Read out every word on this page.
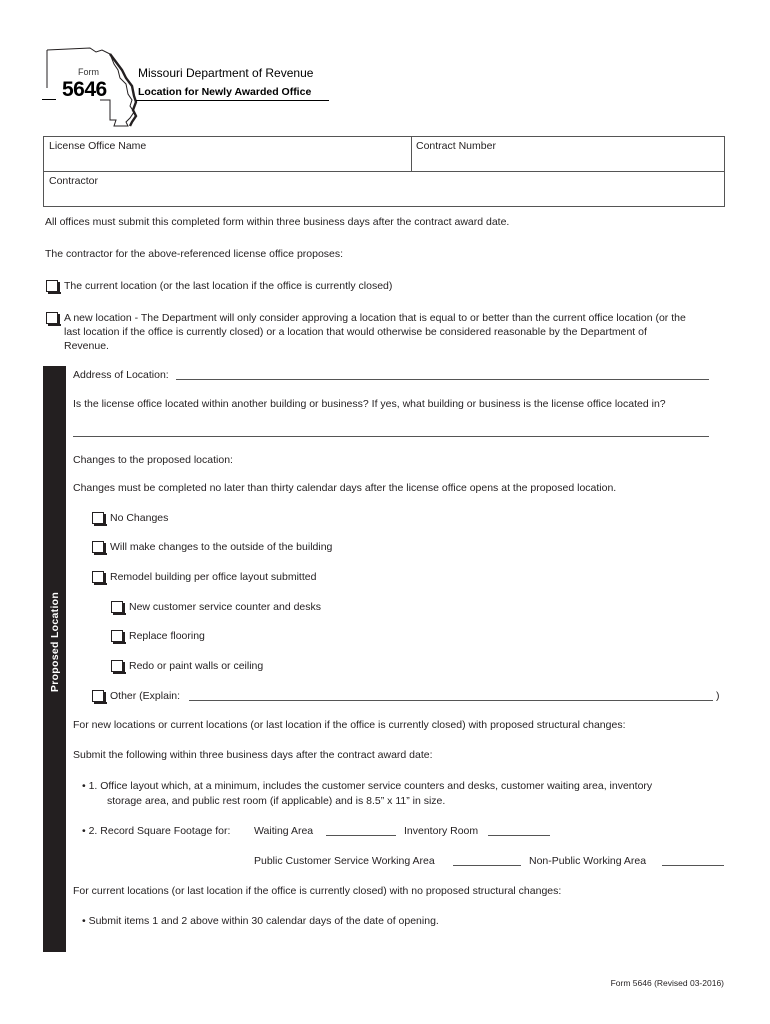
Form
5646
Missouri Department of Revenue
Location for Newly Awarded Office
License Office Name	Contract Number
Contractor
All offices must submit this completed form within three business days after the contract award date.
The contractor for the above-referenced license office proposes:
The current location (or the last location if the office is currently closed)
A new location - The Department will only consider approving a location that is equal to or better than the current office location (or the
last location if the office is currently closed) or a location that would otherwise be considered reasonable by the Department of
Revenue.
Proposed Location
Address of Location:
Is the license office located within another building or business? If yes, what building or business is the license office located in?
Changes to the proposed location:
Changes must be completed no later than thirty calendar days after the license office opens at the proposed location.
No Changes
Will make changes to the outside of the building
Remodel building per office layout submitted
New customer service counter and desks
Replace flooring
Redo or paint walls or ceiling
Other (Explain:	)
For new locations or current locations (or last location if the office is currently closed) with proposed structural changes:
Submit the following within three business days after the contract award date:
• 1. Office layout which, at a minimum, includes the customer service counters and desks, customer waiting area, inventory
storage area, and public rest room (if applicable) and is 8.5” x 11” in size.
• 2. Record Square Footage for: Waiting Area	Inventory Room
Public Customer Service Working Area	Non-Public Working Area
For current locations (or last location if the office is currently closed) with no proposed structural changes:
• Submit items 1 and 2 above within 30 calendar days of the date of opening.
Form 5646 (Revised 03-2016)
